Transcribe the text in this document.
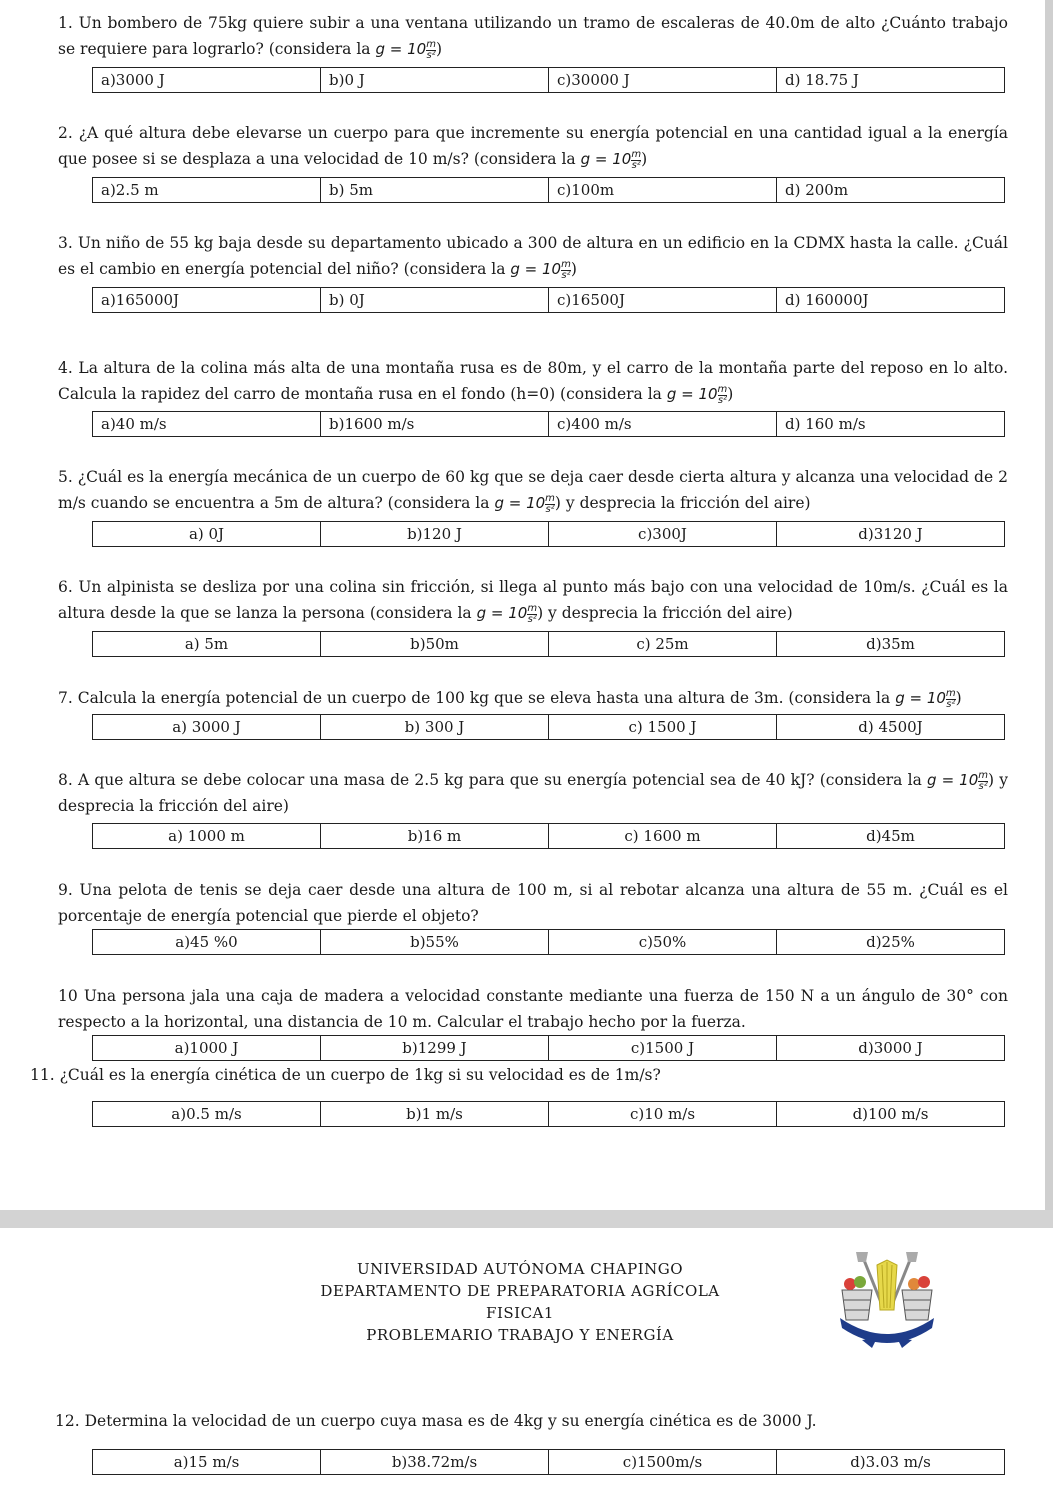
1. Un bombero de 75kg quiere subir a una ventana utilizando un tramo de escaleras de 40.0m de alto ¿Cuánto trabajo se requiere para lograrlo? (considera la $g = 10 \frac{m}{\text{s²}}$ )
a)3000 J	b)0 J	c)30000 J	d) 18.75 J
2. ¿A qué altura debe elevarse un cuerpo para que incremente su energía potencial en una cantidad igual a la energía que posee si se desplaza a una velocidad de 10 m/s? (considera la $g = 10 \frac{m}{\text{s²}}$ )
a)2.5 m	b) 5m	c)100m	d) 200m
3. Un niño de 55 kg baja desde su departamento ubicado a 300 de altura en un edificio en la CDMX hasta la calle. ¿Cuál es el cambio en energía potencial del niño? (considera la $g = 10 \frac{m}{\text{s²}}$ )
a)165000J	b) 0J	c)16500J	d) 160000J
4. La altura de la colina más alta de una montaña rusa es de 80m, y el carro de la montaña parte del reposo en lo alto. Calcula la rapidez del carro de montaña rusa en el fondo (h=0) (considera la $g = 10 \frac{m}{\text{s²}}$ )
a)40 m/s	b)1600 m/s	c)400 m/s	d) 160 m/s
5. ¿Cuál es la energía mecánica de un cuerpo de 60 kg que se deja caer desde cierta altura y alcanza una velocidad de 2 m/s cuando se encuentra a 5m de altura? (considera la $g = 10 \frac{m}{\text{s²}}$ ) y desprecia la fricción del aire)
a) 0J	b)120 J	c)300J	d)3120 J
6. Un alpinista se desliza por una colina sin fricción, si llega al punto más bajo con una velocidad de 10m/s. ¿Cuál es la altura desde la que se lanza la persona (considera la $g = 10 \frac{m}{\text{s²}}$ ) y desprecia la fricción del aire)
a) 5m	b)50m	c) 25m	d)35m
7. Calcula la energía potencial de un cuerpo de 100 kg que se eleva hasta una altura de 3m. (considera la $g = 10 \frac{m}{\text{s²}}$ )
a) 3000 J	b) 300 J	c) 1500 J	d) 4500J
8. A que altura se debe colocar una masa de 2.5 kg para que su energía potencial sea de 40 kJ? (considera la $g = 10 \frac{m}{\text{s²}}$ ) y desprecia la fricción del aire)
a) 1000 m	b)16 m	c) 1600 m	d)45m
9. Una pelota de tenis se deja caer desde una altura de 100 m, si al rebotar alcanza una altura de 55 m. ¿Cuál es el porcentaje de energía potencial que pierde el objeto?
a)45 %0	b)55%	c)50%	d)25%
10 Una persona jala una caja de madera a velocidad constante mediante una fuerza de 150 N a un ángulo de 30° con respecto a la horizontal, una distancia de 10 m. Calcular el trabajo hecho por la fuerza.
a)1000 J	b)1299 J	c)1500 J	d)3000 J
11. ¿Cuál es la energía cinética de un cuerpo de 1kg si su velocidad es de 1m/s?
a)0.5 m/s	b)1 m/s	c)10 m/s	d)100 m/s
12. Determina la velocidad de un cuerpo cuya masa es de 4kg y su energía cinética es de 3000 J.
a)15 m/s	b)38.72m/s	c)1500m/s	d)3.03 m/s
UNIVERSIDAD AUTÓNOMA CHAPINGO
DEPARTAMENTO DE PREPARATORIA AGRÍCOLA
FISICA1
PROBLEMARIO TRABAJO Y ENERGÍA
